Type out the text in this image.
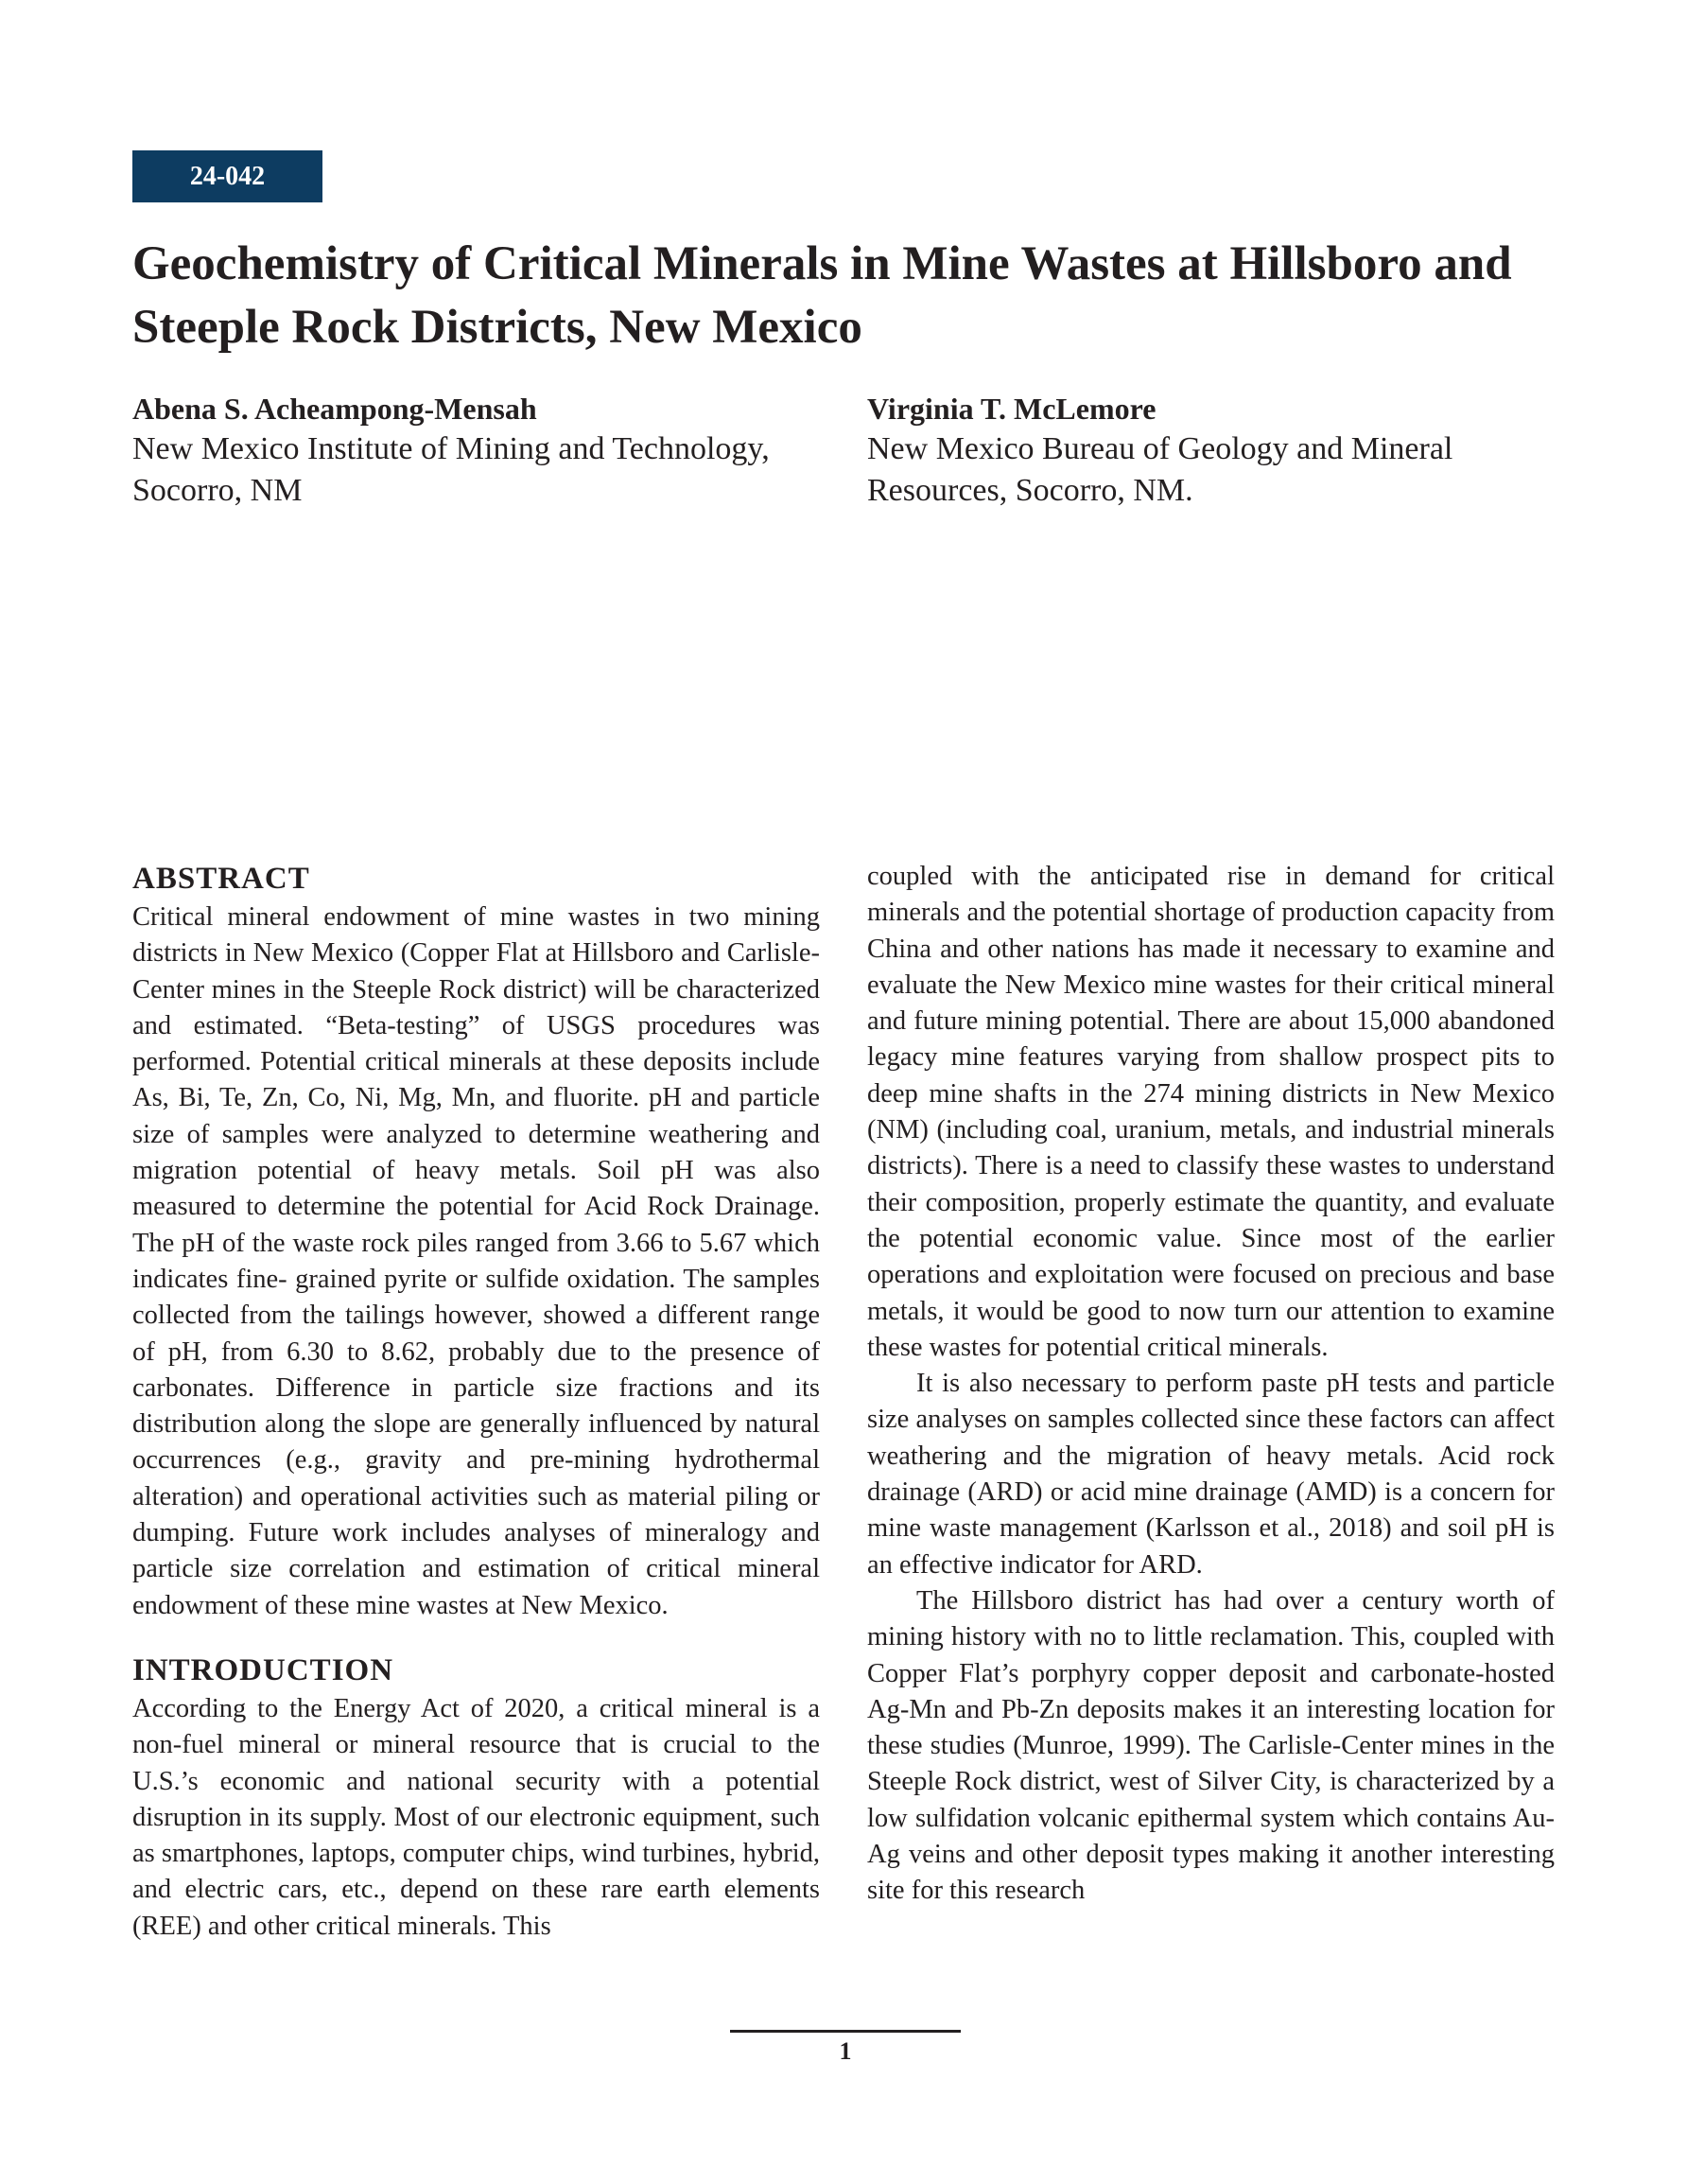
24-042
Geochemistry of Critical Minerals in Mine Wastes at Hillsboro and Steeple Rock Districts, New Mexico
Abena S. Acheampong-Mensah
New Mexico Institute of Mining and Technology, Socorro, NM
Virginia T. McLemore
New Mexico Bureau of Geology and Mineral Resources, Socorro, NM.
ABSTRACT

Critical mineral endowment of mine wastes in two mining districts in New Mexico (Copper Flat at Hillsboro and Carlisle-Center mines in the Steeple Rock district) will be characterized and estimated. “Beta-testing” of USGS procedures was performed. Potential critical minerals at these deposits include As, Bi, Te, Zn, Co, Ni, Mg, Mn, and fluorite. pH and particle size of samples were analyzed to determine weathering and migration potential of heavy metals. Soil pH was also measured to determine the potential for Acid Rock Drainage. The pH of the waste rock piles ranged from 3.66 to 5.67 which indicates fine- grained pyrite or sulfide oxidation. The samples collected from the tailings however, showed a different range of pH, from 6.30 to 8.62, probably due to the presence of carbonates. Difference in particle size fractions and its distribution along the slope are generally influenced by natural occurrences (e.g., gravity and pre-mining hydrothermal alteration) and operational activities such as material piling or dumping. Future work includes analyses of mineralogy and particle size correlation and estimation of critical mineral endowment of these mine wastes at New Mexico.

INTRODUCTION

According to the Energy Act of 2020, a critical mineral is a non-fuel mineral or mineral resource that is crucial to the U.S.’s economic and national security with a potential disruption in its supply. Most of our electronic equipment, such as smartphones, laptops, computer chips, wind turbines, hybrid, and electric cars, etc., depend on these rare earth elements (REE) and other critical minerals. This

coupled with the anticipated rise in demand for critical minerals and the potential shortage of production capacity from China and other nations has made it necessary to examine and evaluate the New Mexico mine wastes for their critical mineral and future mining potential. There are about 15,000 abandoned legacy mine features varying from shallow prospect pits to deep mine shafts in the 274 mining districts in New Mexico (NM) (including coal, uranium, metals, and industrial minerals districts). There is a need to classify these wastes to understand their composition, properly estimate the quantity, and evaluate the potential economic value. Since most of the earlier operations and exploitation were focused on precious and base metals, it would be good to now turn our attention to examine these wastes for potential critical minerals.

It is also necessary to perform paste pH tests and particle size analyses on samples collected since these factors can affect weathering and the migration of heavy metals. Acid rock drainage (ARD) or acid mine drainage (AMD) is a concern for mine waste management (Karlsson et al., 2018) and soil pH is an effective indicator for ARD.

The Hillsboro district has had over a century worth of mining history with no to little reclamation. This, coupled with Copper Flat’s porphyry copper deposit and carbonate-hosted Ag-Mn and Pb-Zn deposits makes it an interesting location for these studies (Munroe, 1999). The Carlisle-Center mines in the Steeple Rock district, west of Silver City, is characterized by a low sulfidation volcanic epithermal system which contains Au-Ag veins and other deposit types making it another interesting site for this research

1
